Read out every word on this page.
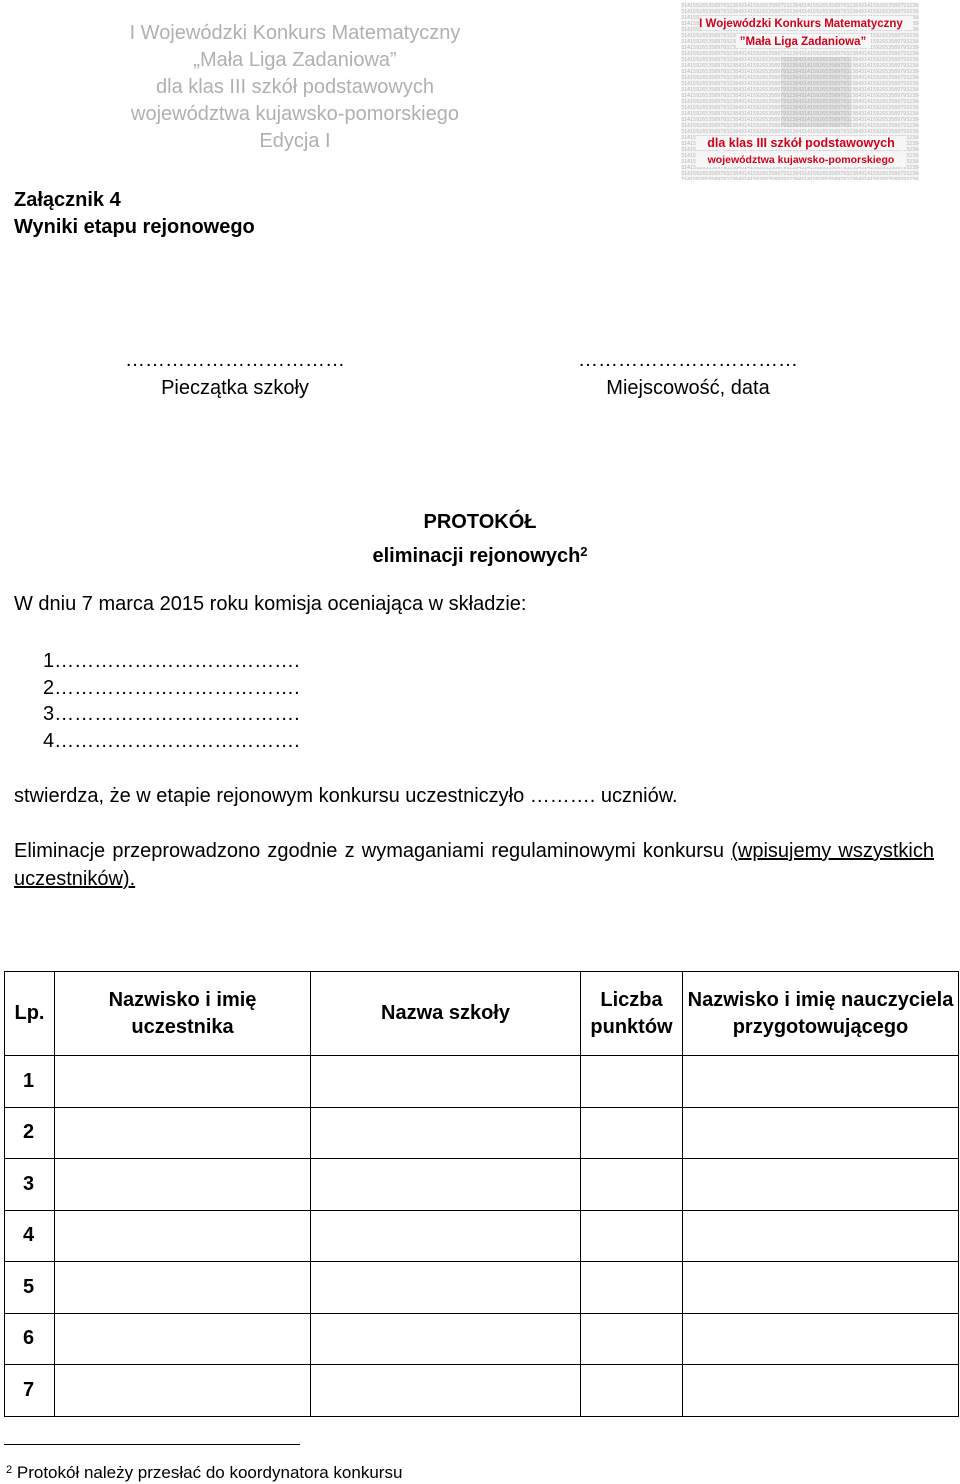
I Wojewódzki Konkurs Matematyczny
„Mała Liga Zadaniowa”
dla klas III szkół podstawowych
województwa kujawsko-pomorskiego
Edycja I
I Wojewódzki Konkurs Matematyczny
”Mała Liga Zadaniowa”
dla klas III szkół podstawowych
województwa kujawsko-pomorskiego
Załącznik 4
Wyniki etapu rejonowego
……………………………
Pieczątka szkoły
……………………………
Miejscowość, data
PROTOKÓŁ
eliminacji rejonowych$^2$
W dniu 7 marca 2015 roku komisja oceniająca w składzie:
1……………………………….
2……………………………….
3……………………………….
4……………………………….
stwierdza, że w etapie rejonowym konkursu uczestniczyło ………. uczniów.
Eliminacje przeprowadzono zgodnie z wymaganiami regulaminowymi konkursu (wpisujemy wszystkich uczestników).
Lp.	Nazwisko i imię uczestnika	Nazwa szkoły	Liczba punktów	Nazwisko i imię nauczyciela przygotowującego
1				
2				
3				
4				
5				
6				
7				
$^2$ Protokół należy przesłać do koordynatora konkursu
